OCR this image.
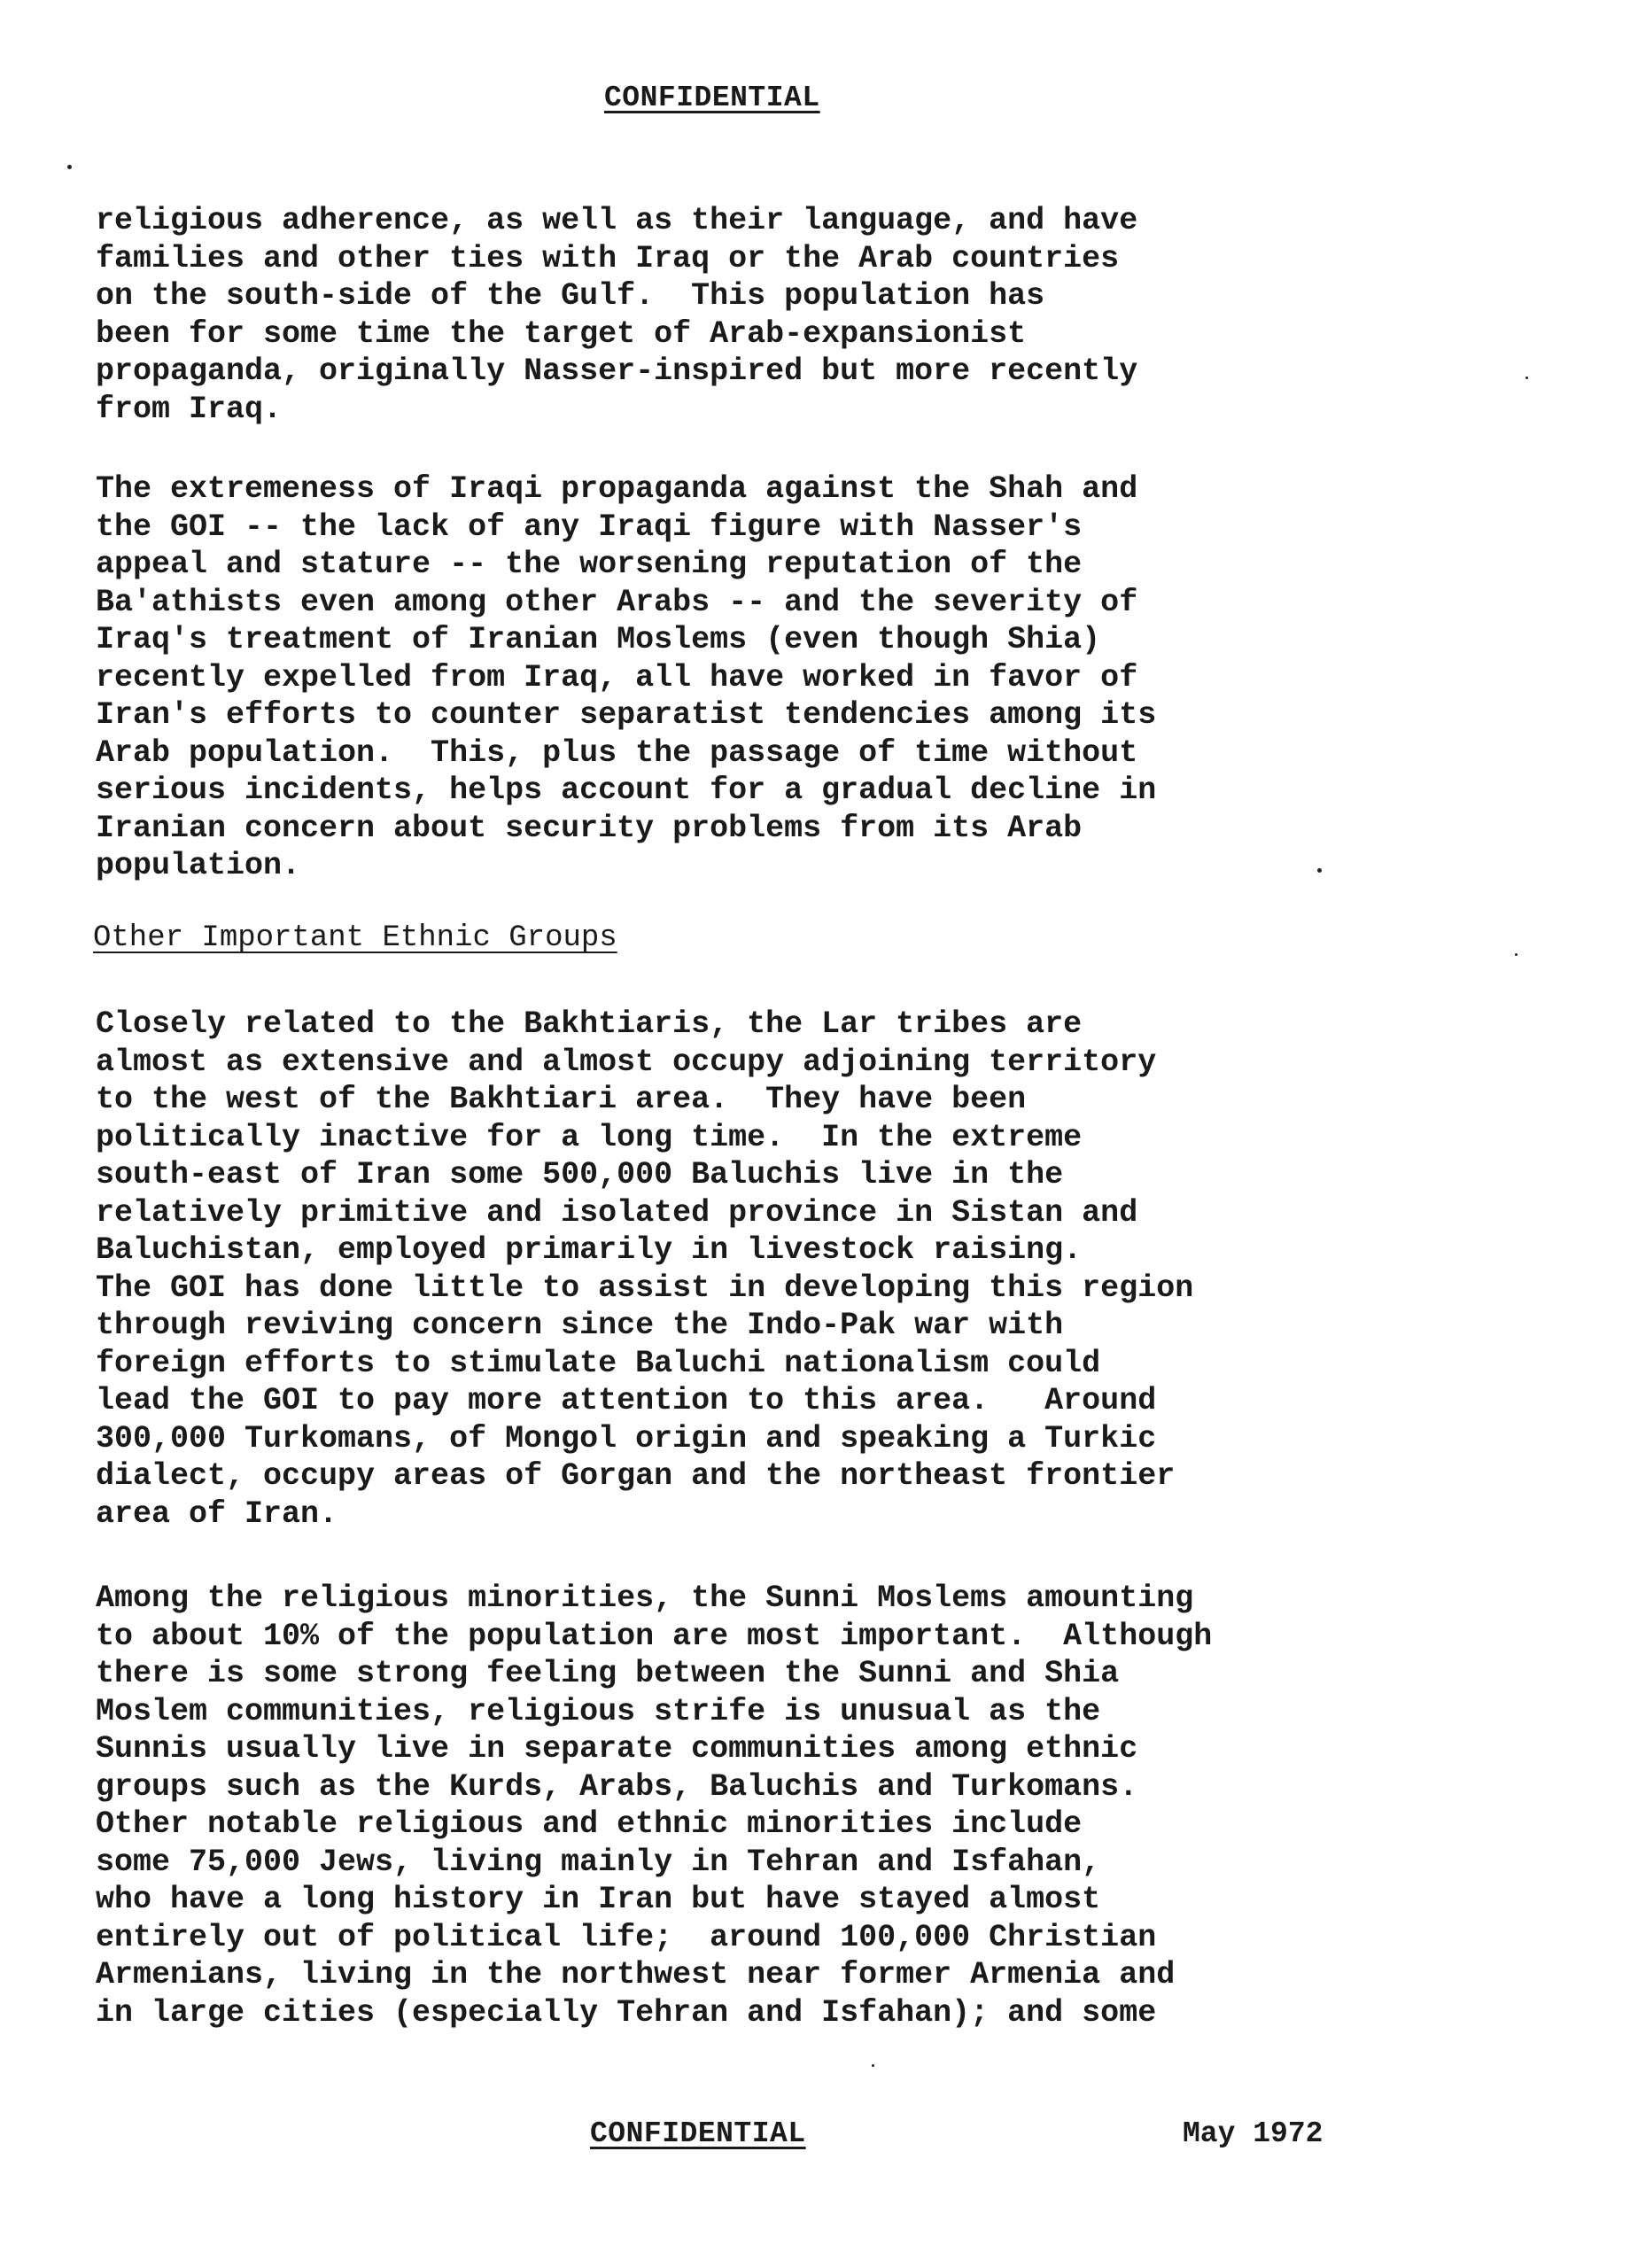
CONFIDENTIAL

religious adherence, as well as their language, and have
families and other ties with Iraq or the Arab countries
on the south-side of the Gulf.  This population has
been for some time the target of Arab-expansionist
propaganda, originally Nasser-inspired but more recently
from Iraq.

The extremeness of Iraqi propaganda against the Shah and
the GOI -- the lack of any Iraqi figure with Nasser's
appeal and stature -- the worsening reputation of the
Ba'athists even among other Arabs -- and the severity of
Iraq's treatment of Iranian Moslems (even though Shia)
recently expelled from Iraq, all have worked in favor of
Iran's efforts to counter separatist tendencies among its
Arab population.  This, plus the passage of time without
serious incidents, helps account for a gradual decline in
Iranian concern about security problems from its Arab
population.

Other Important Ethnic Groups

Closely related to the Bakhtiaris, the Lar tribes are
almost as extensive and almost occupy adjoining territory
to the west of the Bakhtiari area.  They have been
politically inactive for a long time.  In the extreme
south-east of Iran some 500,000 Baluchis live in the
relatively primitive and isolated province in Sistan and
Baluchistan, employed primarily in livestock raising.
The GOI has done little to assist in developing this region
through reviving concern since the Indo-Pak war with
foreign efforts to stimulate Baluchi nationalism could
lead the GOI to pay more attention to this area.   Around
300,000 Turkomans, of Mongol origin and speaking a Turkic
dialect, occupy areas of Gorgan and the northeast frontier
area of Iran.

Among the religious minorities, the Sunni Moslems amounting
to about 10% of the population are most important.  Although
there is some strong feeling between the Sunni and Shia
Moslem communities, religious strife is unusual as the
Sunnis usually live in separate communities among ethnic
groups such as the Kurds, Arabs, Baluchis and Turkomans.
Other notable religious and ethnic minorities include
some 75,000 Jews, living mainly in Tehran and Isfahan,
who have a long history in Iran but have stayed almost
entirely out of political life;  around 100,000 Christian
Armenians, living in the northwest near former Armenia and
in large cities (especially Tehran and Isfahan); and some

CONFIDENTIAL	May 1972
